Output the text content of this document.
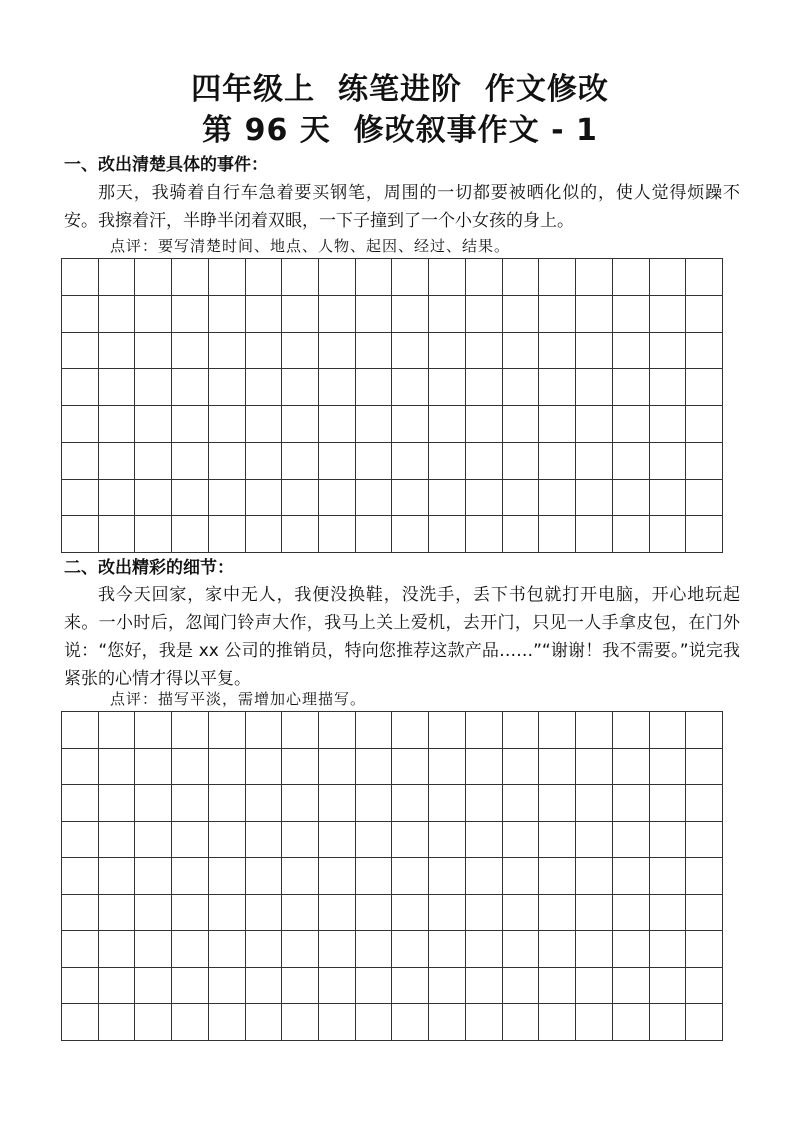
四年级上  练笔进阶  作文修改
第 96 天  修改叙事作文 - 1
一、改出清楚具体的事件：
那天，我骑着自行车急着要买钢笔，周围的一切都要被晒化似的，使人觉得烦躁不安。我擦着汗，半睁半闭着双眼，一下子撞到了一个小女孩的身上。
点评：要写清楚时间、地点、人物、起因、经过、结果。
二、改出精彩的细节：
我今天回家，家中无人，我便没换鞋，没洗手，丢下书包就打开电脑，开心地玩起来。一小时后，忽闻门铃声大作，我马上关上爱机，去开门，只见一人手拿皮包，在门外说：“您好，我是 xx 公司的推销员，特向您推荐这款产品……”“谢谢！我不需要。”说完我紧张的心情才得以平复。
点评：描写平淡，需增加心理描写。
